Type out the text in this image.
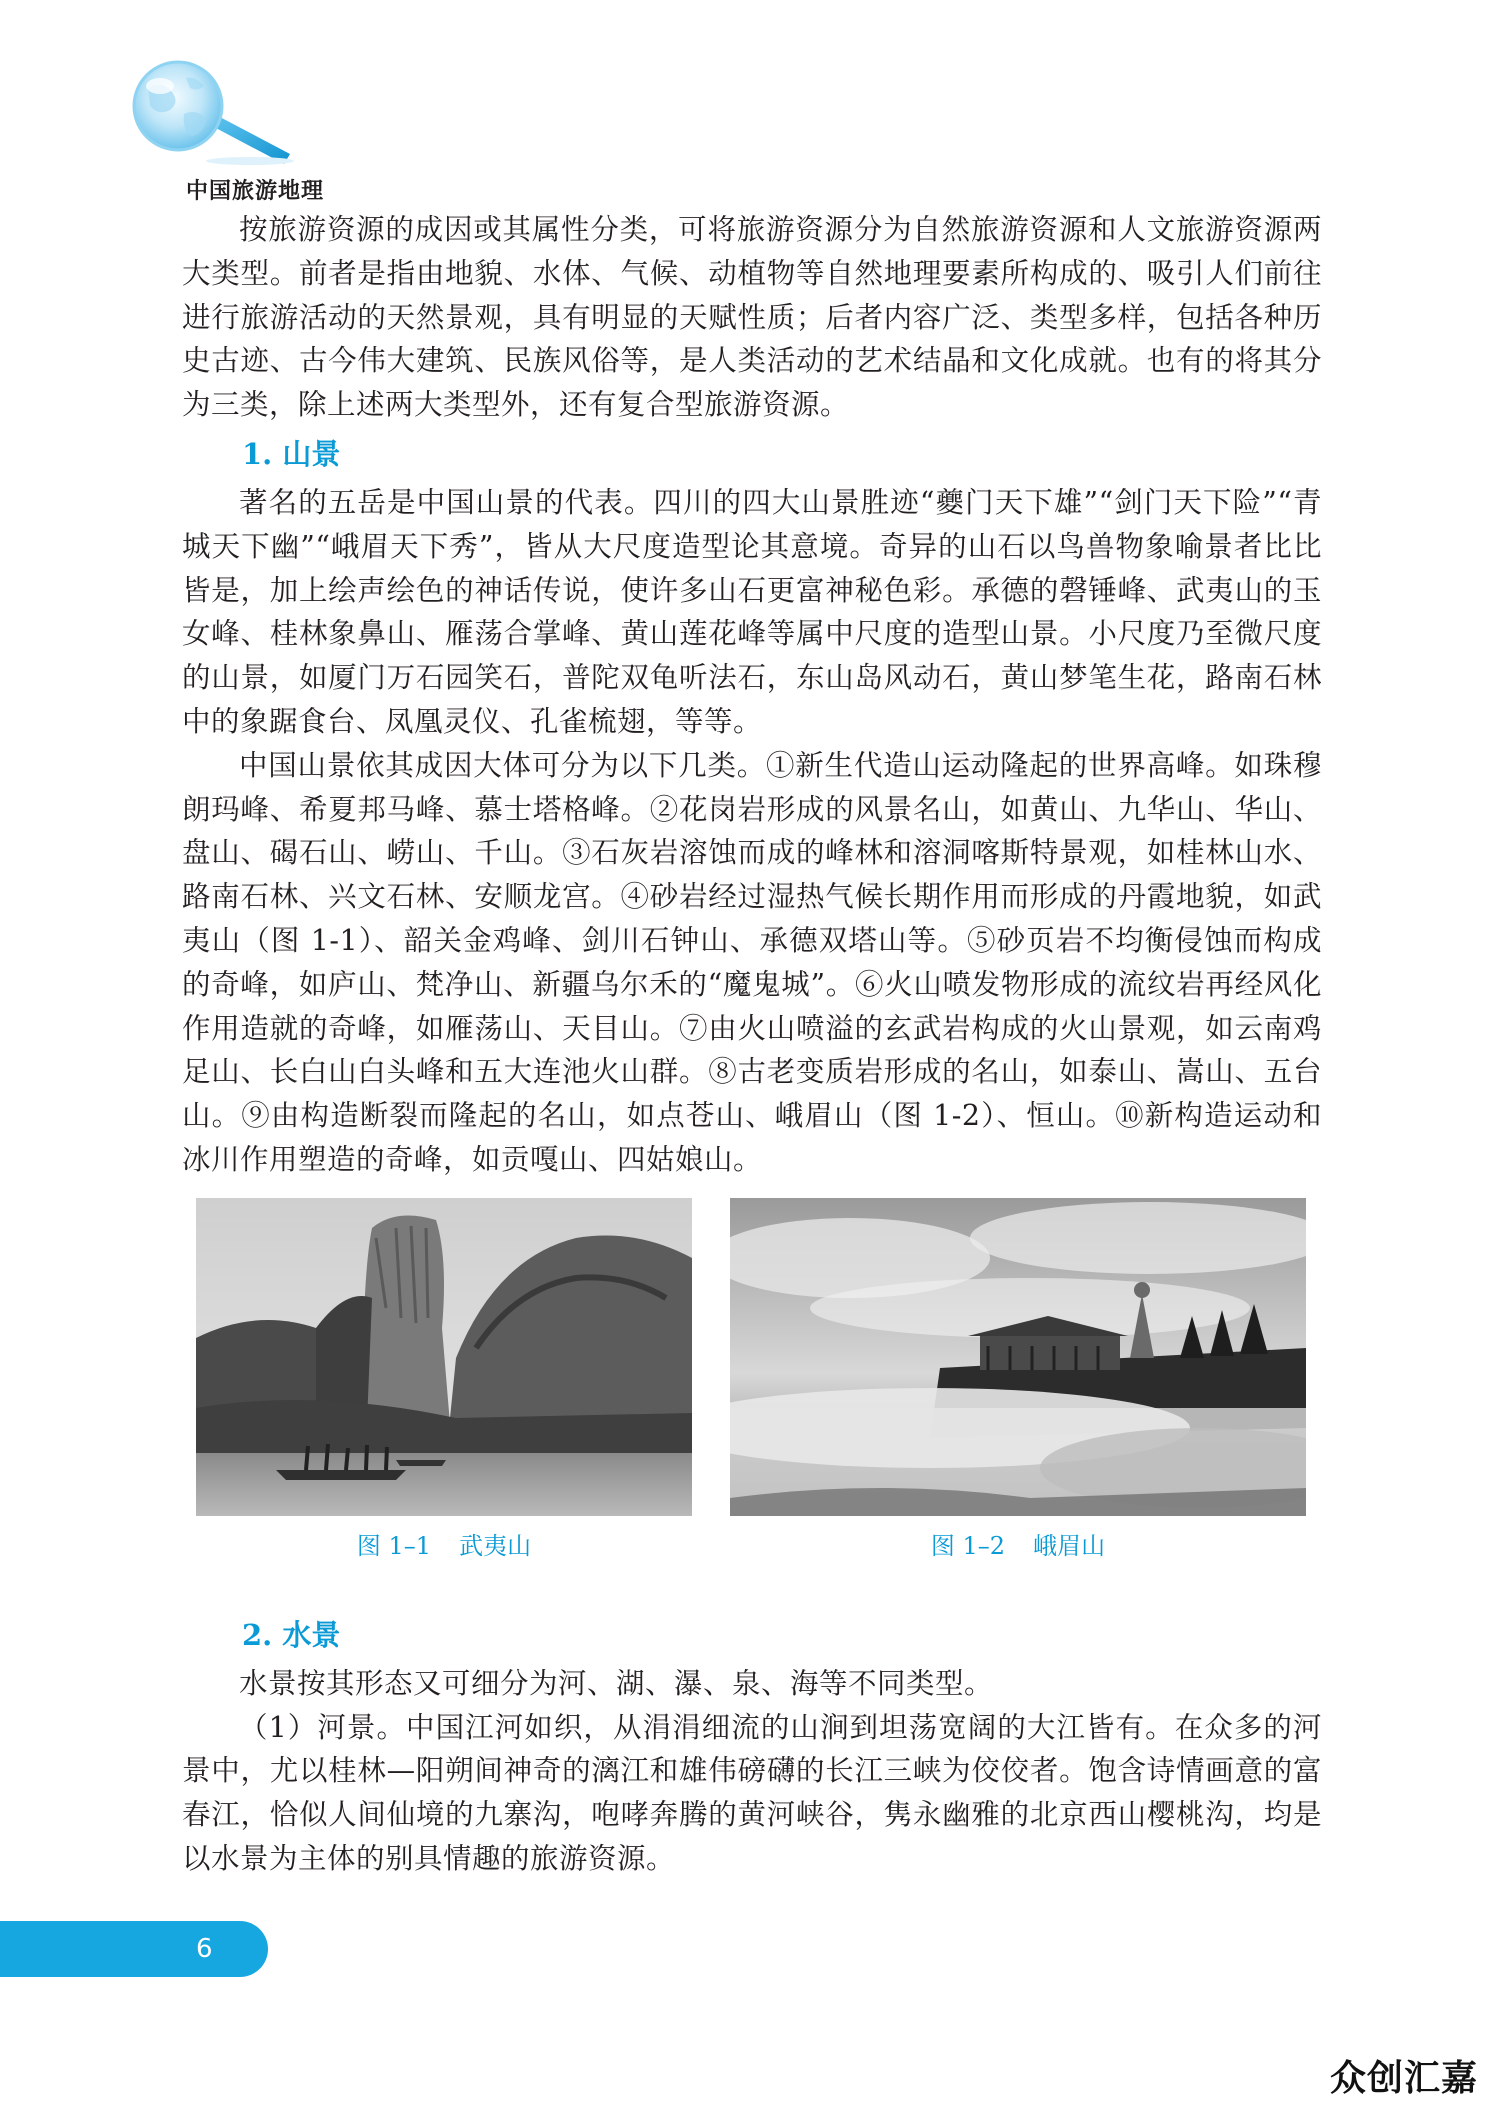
中国旅游地理

按旅游资源的成因或其属性分类，可将旅游资源分为自然旅游资源和人文旅游资源两大类型。前者是指由地貌、水体、气候、动植物等自然地理要素所构成的、吸引人们前往进行旅游活动的天然景观，具有明显的天赋性质；后者内容广泛、类型多样，包括各种历史古迹、古今伟大建筑、民族风俗等，是人类活动的艺术结晶和文化成就。也有的将其分为三类，除上述两大类型外，还有复合型旅游资源。

1. 山景

著名的五岳是中国山景的代表。四川的四大山景胜迹“夔门天下雄”“剑门天下险”“青城天下幽”“峨眉天下秀”，皆从大尺度造型论其意境。奇异的山石以鸟兽物象喻景者比比皆是，加上绘声绘色的神话传说，使许多山石更富神秘色彩。承德的磬锤峰、武夷山的玉女峰、桂林象鼻山、雁荡合掌峰、黄山莲花峰等属中尺度的造型山景。小尺度乃至微尺度的山景，如厦门万石园笑石，普陀双龟听法石，东山岛风动石，黄山梦笔生花，路南石林中的象踞食台、凤凰灵仪、孔雀梳翅，等等。

中国山景依其成因大体可分为以下几类。①新生代造山运动隆起的世界高峰。如珠穆朗玛峰、希夏邦马峰、慕士塔格峰。②花岗岩形成的风景名山，如黄山、九华山、华山、盘山、碣石山、崂山、千山。③石灰岩溶蚀而成的峰林和溶洞喀斯特景观，如桂林山水、路南石林、兴文石林、安顺龙宫。④砂岩经过湿热气候长期作用而形成的丹霞地貌，如武夷山（图 1-1）、韶关金鸡峰、剑川石钟山、承德双塔山等。⑤砂页岩不均衡侵蚀而构成的奇峰，如庐山、梵净山、新疆乌尔禾的“魔鬼城”。⑥火山喷发物形成的流纹岩再经风化作用造就的奇峰，如雁荡山、天目山。⑦由火山喷溢的玄武岩构成的火山景观，如云南鸡足山、长白山白头峰和五大连池火山群。⑧古老变质岩形成的名山，如泰山、嵩山、五台山。⑨由构造断裂而隆起的名山，如点苍山、峨眉山（图 1-2）、恒山。⑩新构造运动和冰川作用塑造的奇峰，如贡嘎山、四姑娘山。

图 1–1 武夷山	图 1–2 峨眉山
2. 水景

水景按其形态又可细分为河、湖、瀑、泉、海等不同类型。

（1）河景。中国江河如织，从涓涓细流的山涧到坦荡宽阔的大江皆有。在众多的河景中，尤以桂林—阳朔间神奇的漓江和雄伟磅礴的长江三峡为佼佼者。饱含诗情画意的富春江，恰似人间仙境的九寨沟，咆哮奔腾的黄河峡谷，隽永幽雅的北京西山樱桃沟，均是以水景为主体的别具情趣的旅游资源。

6
众创汇嘉
